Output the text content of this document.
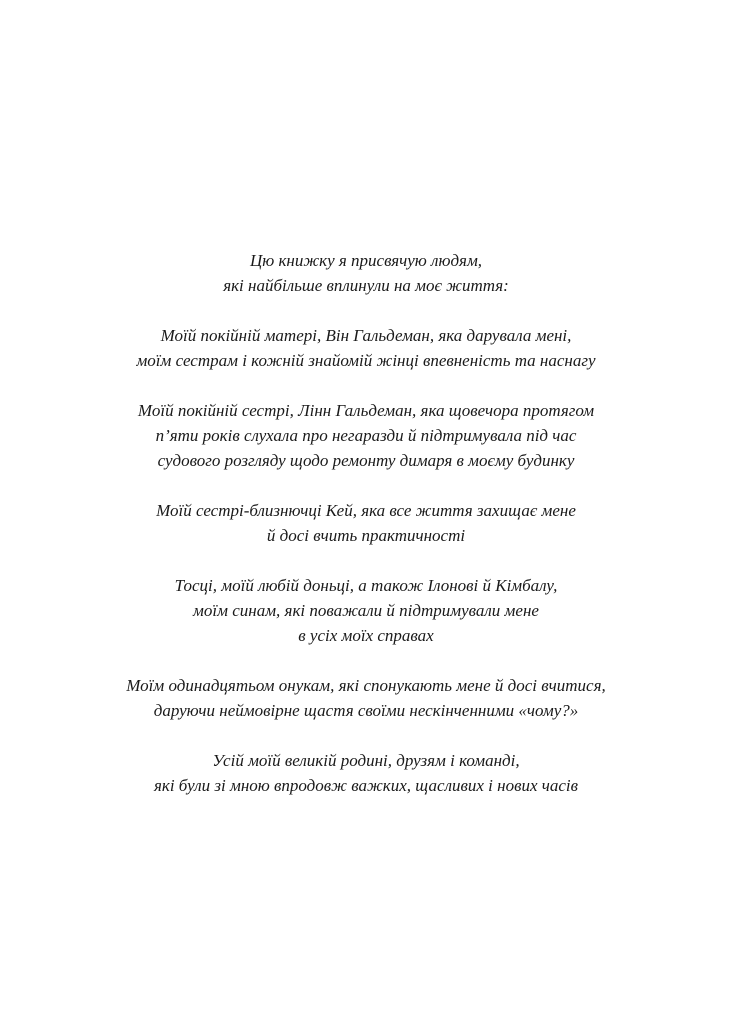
Цю книжку я присвячую людям,
які найбільше вплинули на моє життя:
Моїй покійній матері, Він Гальдеман, яка дарувала мені,
моїм сестрам і кожній знайомій жінці впевненість та наснагу
Моїй покійній сестрі, Лінн Гальдеман, яка щовечора протягом
п’яти років слухала про негаразди й підтримувала під час
судового розгляду щодо ремонту димаря в моєму будинку
Моїй сестрі-близнючці Кей, яка все життя захищає мене
й досі вчить практичності
Тосці, моїй любій доньці, а також Ілонові й Кімбалу,
моїм синам, які поважали й підтримували мене
в усіх моїх справах
Моїм одинадцятьом онукам, які спонукають мене й досі вчитися,
даруючи неймовірне щастя своїми нескінченними «чому?»
Усій моїй великій родині, друзям і команді,
які були зі мною впродовж важких, щасливих і нових часів
